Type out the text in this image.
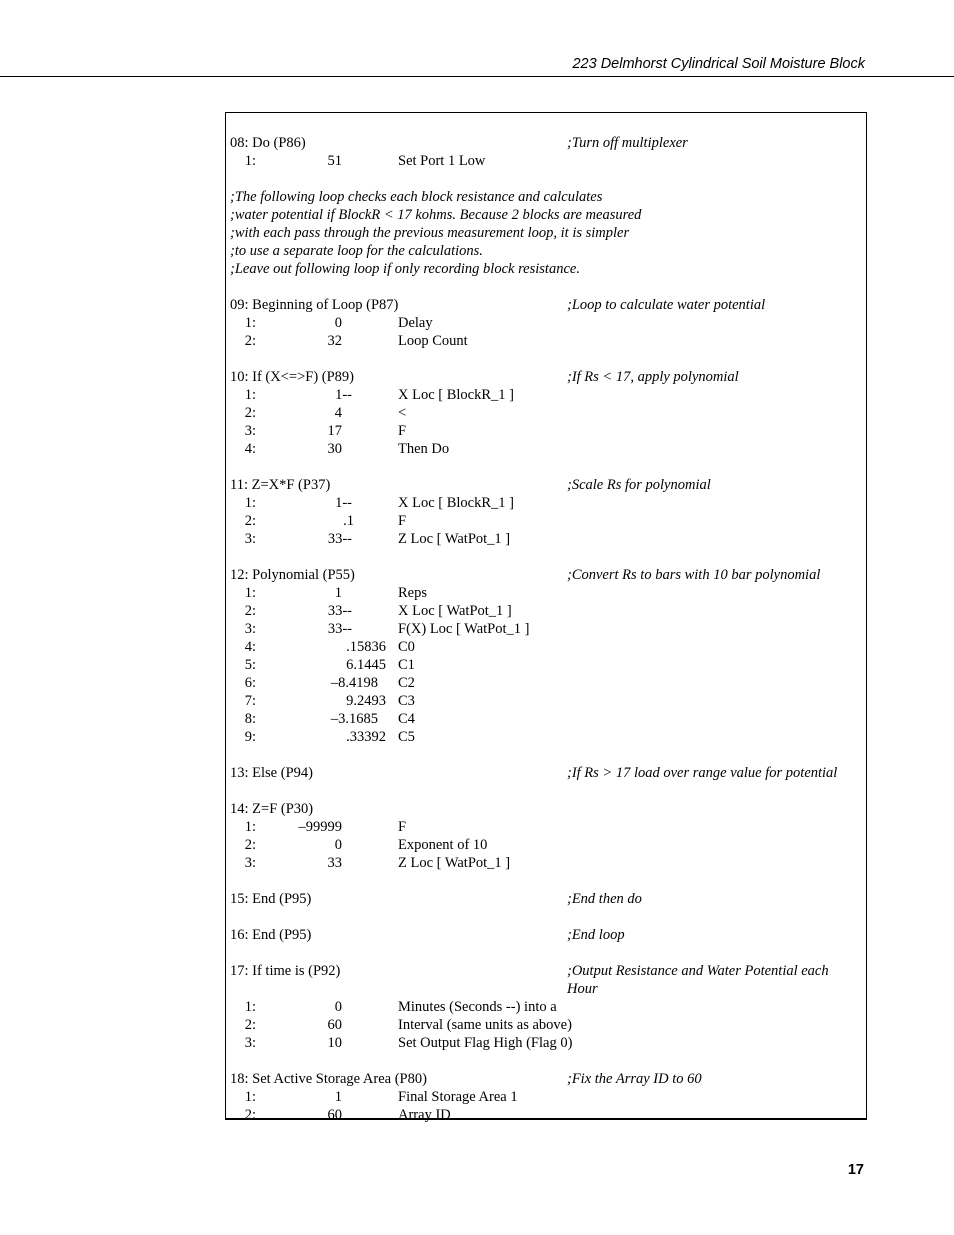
223 Delmhorst Cylindrical Soil Moisture Block
08: Do (P86)	;Turn off multiplexer
1:	51	Set Port 1 Low
;The following loop checks each block resistance and calculates
;water potential if BlockR < 17 kohms. Because 2 blocks are measured
;with each pass through the previous measurement loop, it is simpler
;to use a separate loop for the calculations.
;Leave out following loop if only recording block resistance.
09: Beginning of Loop (P87)	;Loop to calculate water potential
1:	0	Delay
2:	32	Loop Count
10: If (X<=>F) (P89)	;If Rs < 17, apply polynomial
1:	1--	X Loc [ BlockR_1 ]
2:	4	<
3:	17	F
4:	30	Then Do
11: Z=X*F (P37)	;Scale Rs for polynomial
1:	1--	X Loc [ BlockR_1 ]
2:	.1	F
3:	33--	Z Loc [ WatPot_1 ]
12: Polynomial (P55)	;Convert Rs to bars with 10 bar polynomial
1:	1	Reps
2:	33--	X Loc [ WatPot_1 ]
3:	33--	F(X) Loc [ WatPot_1 ]
4:	.15836 C0
5:	6.1445 C1
6:	–8.4198 C2
7:	9.2493 C3
8:	–3.1685 C4
9:	.33392 C5
13: Else (P94)	;If Rs > 17 load over range value for potential
14: Z=F (P30)
1:	–99999	F
2:	0	Exponent of 10
3:	33	Z Loc [ WatPot_1 ]
15: End (P95)	;End then do
16: End (P95)	;End loop
17: If time is (P92)	;Output Resistance and Water Potential each
Hour
1:	0	Minutes (Seconds --) into a
2:	60	Interval (same units as above)
3:	10	Set Output Flag High (Flag 0)
18: Set Active Storage Area (P80)	;Fix the Array ID to 60
1:	1	Final Storage Area 1
2:	60	Array ID
17
